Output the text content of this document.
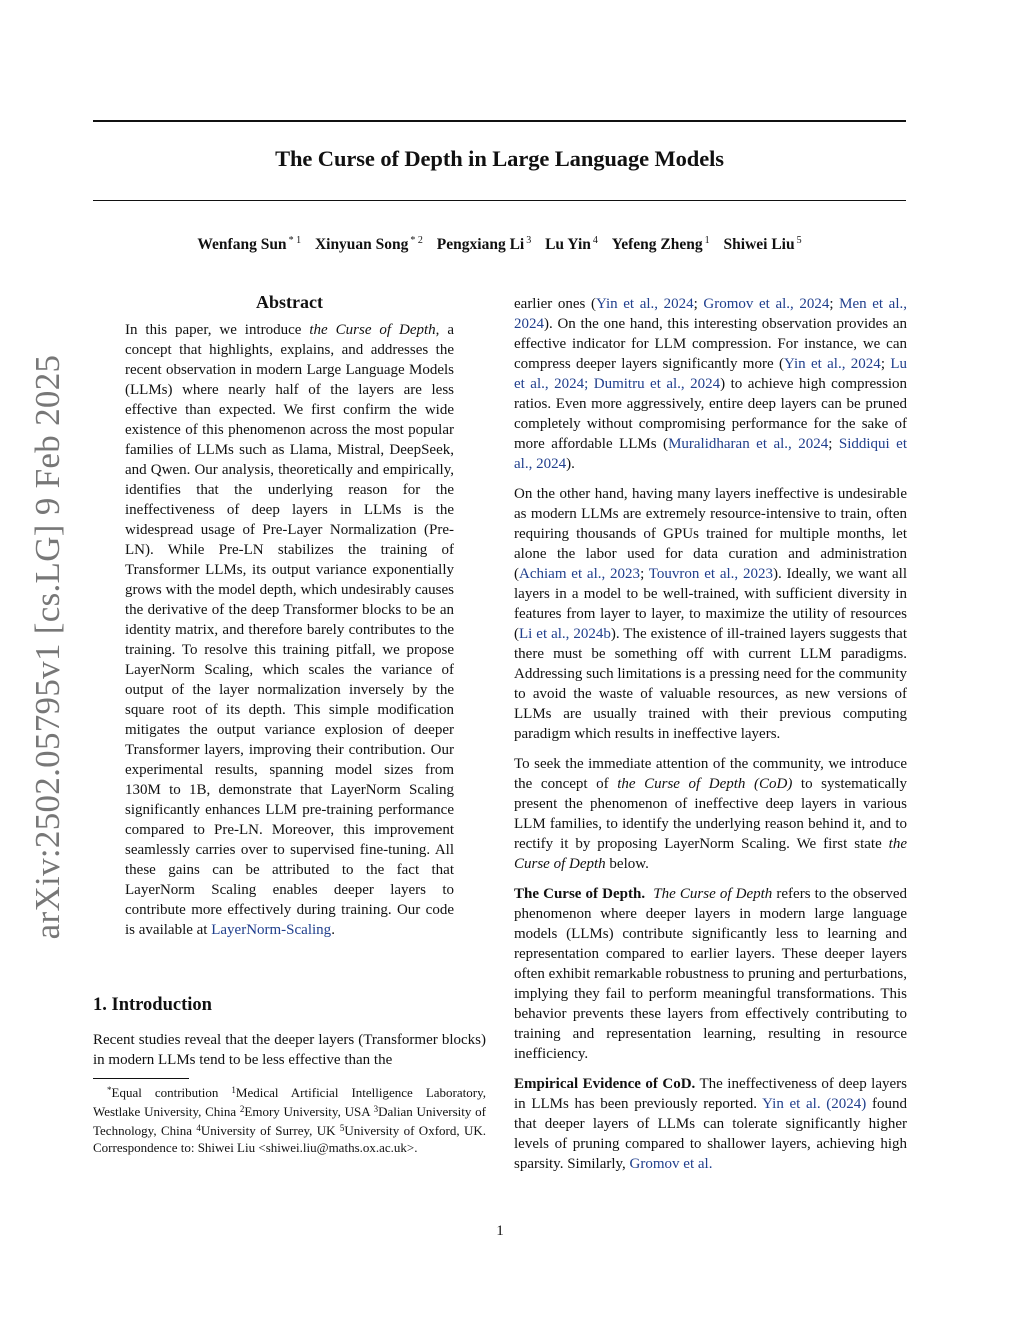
The Curse of Depth in Large Language Models
Wenfang Sun $^{* 1}$ Xinyuan Song $^{* 2}$ Pengxiang Li $^3$ Lu Yin $^4$ Yefeng Zheng $^1$ Shiwei Liu $^5$
arXiv:2502.05795v1 [cs.LG] 9 Feb 2025
Abstract
In this paper, we introduce the Curse of Depth, a concept that highlights, explains, and addresses the recent observation in modern Large Language Models (LLMs) where nearly half of the layers are less effective than expected. We first confirm the wide existence of this phenomenon across the most popular families of LLMs such as Llama, Mistral, DeepSeek, and Qwen. Our analysis, theoretically and empirically, identifies that the underlying reason for the ineffectiveness of deep layers in LLMs is the widespread usage of Pre-Layer Normalization (Pre-LN). While Pre-LN stabilizes the training of Transformer LLMs, its output variance exponentially grows with the model depth, which undesirably causes the derivative of the deep Transformer blocks to be an identity matrix, and therefore barely contributes to the training. To resolve this training pitfall, we propose LayerNorm Scaling, which scales the variance of output of the layer normalization inversely by the square root of its depth. This simple modification mitigates the output variance explosion of deeper Transformer layers, improving their contribution. Our experimental results, spanning model sizes from 130M to 1B, demonstrate that LayerNorm Scaling significantly enhances LLM pre-training performance compared to Pre-LN. Moreover, this improvement seamlessly carries over to supervised fine-tuning. All these gains can be attributed to the fact that LayerNorm Scaling enables deeper layers to contribute more effectively during training. Our code is available at LayerNorm-Scaling.
1. Introduction
Recent studies reveal that the deeper layers (Transformer blocks) in modern LLMs tend to be less effective than the
*Equal contribution $^1$Medical Artificial Intelligence Laboratory, Westlake University, China $^2$Emory University, USA $^3$Dalian University of Technology, China $^4$University of Surrey, UK $^5$University of Oxford, UK. Correspondence to: Shiwei Liu <shiwei.liu@maths.ox.ac.uk>.

earlier ones (Yin et al., 2024; Gromov et al., 2024; Men et al., 2024). On the one hand, this interesting observation provides an effective indicator for LLM compression. For instance, we can compress deeper layers significantly more (Yin et al., 2024; Lu et al., 2024; Dumitru et al., 2024) to achieve high compression ratios. Even more aggressively, entire deep layers can be pruned completely without compromising performance for the sake of more affordable LLMs (Muralidharan et al., 2024; Siddiqui et al., 2024).

On the other hand, having many layers ineffective is undesirable as modern LLMs are extremely resource-intensive to train, often requiring thousands of GPUs trained for multiple months, let alone the labor used for data curation and administration (Achiam et al., 2023; Touvron et al., 2023). Ideally, we want all layers in a model to be well-trained, with sufficient diversity in features from layer to layer, to maximize the utility of resources (Li et al., 2024b). The existence of ill-trained layers suggests that there must be something off with current LLM paradigms. Addressing such limitations is a pressing need for the community to avoid the waste of valuable resources, as new versions of LLMs are usually trained with their previous computing paradigm which results in ineffective layers.

To seek the immediate attention of the community, we introduce the concept of the Curse of Depth (CoD) to systematically present the phenomenon of ineffective deep layers in various LLM families, to identify the underlying reason behind it, and to rectify it by proposing LayerNorm Scaling. We first state the Curse of Depth below.

The Curse of Depth. The Curse of Depth refers to the observed phenomenon where deeper layers in modern large language models (LLMs) contribute significantly less to learning and representation compared to earlier layers. These deeper layers often exhibit remarkable robustness to pruning and perturbations, implying they fail to perform meaningful transformations. This behavior prevents these layers from effectively contributing to training and representation learning, resulting in resource inefficiency.

Empirical Evidence of CoD. The ineffectiveness of deep layers in LLMs has been previously reported. Yin et al. (2024) found that deeper layers of LLMs can tolerate significantly higher levels of pruning compared to shallower layers, achieving high sparsity. Similarly, Gromov et al.

1
